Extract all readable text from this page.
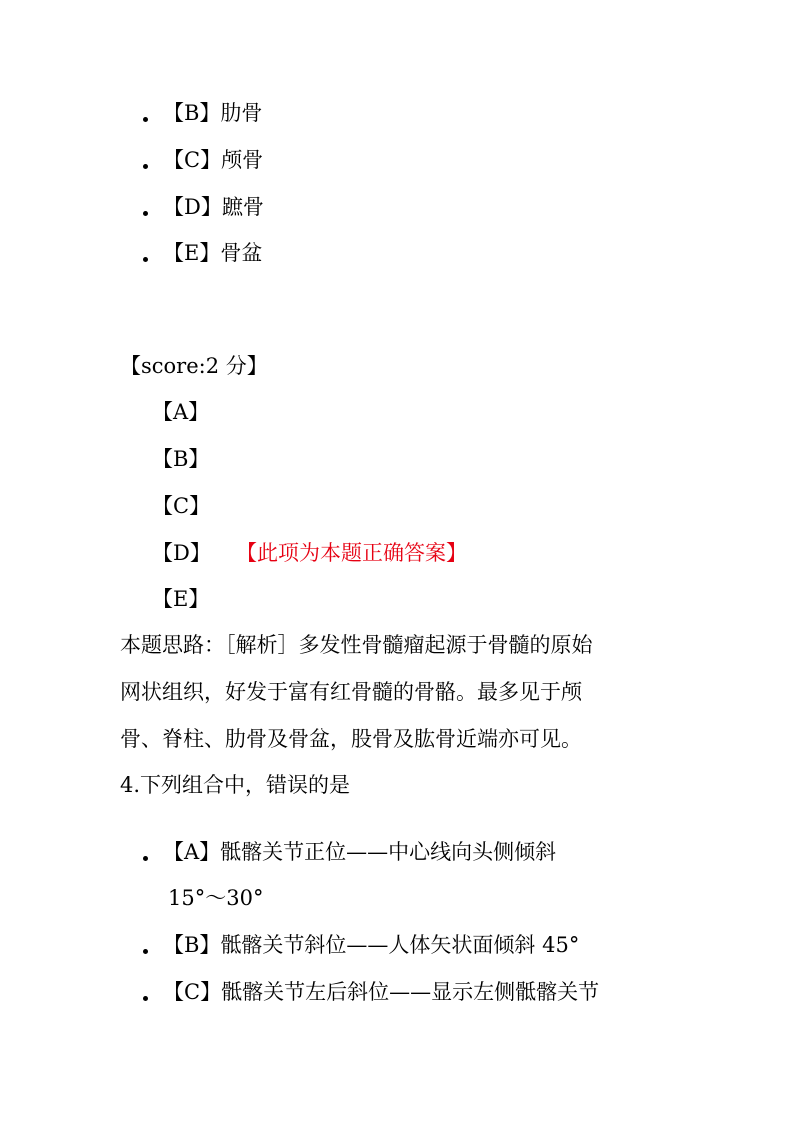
【B】肋骨
【C】颅骨
【D】蹠骨
【E】骨盆
【score:2 分】
【A】
【B】
【C】
【D】 【此项为本题正确答案】
【E】
本题思路：［解析］多发性骨髓瘤起源于骨髓的原始
网状组织，好发于富有红骨髓的骨骼。最多见于颅
骨、脊柱、肋骨及骨盆，股骨及肱骨近端亦可见。
4.下列组合中，错误的是
【A】骶髂关节正位——中心线向头侧倾斜
15°～30°
【B】骶髂关节斜位——人体矢状面倾斜 45°
【C】骶髂关节左后斜位——显示左侧骶髂关节
